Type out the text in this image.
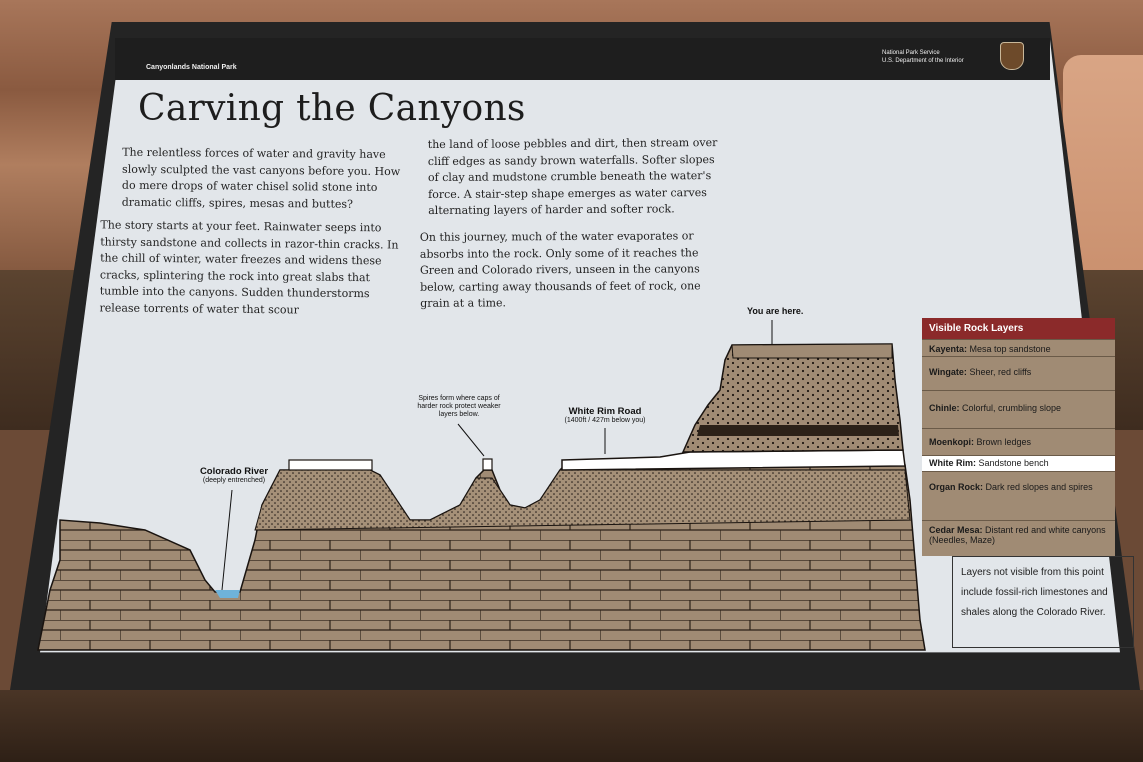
Canyonlands National Park
National Park Service
U.S. Department of the Interior
Carving the Canyons
The relentless forces of water and gravity have slowly sculpted the vast canyons before you. How do mere drops of water chisel solid stone into dramatic cliffs, spires, mesas and buttes?
The story starts at your feet. Rainwater seeps into thirsty sandstone and collects in razor-thin cracks. In the chill of winter, water freezes and widens these cracks, splintering the rock into great slabs that tumble into the canyons. Sudden thunderstorms release torrents of water that scour
the land of loose pebbles and dirt, then stream over cliff edges as sandy brown waterfalls. Softer slopes of clay and mudstone crumble beneath the water's force. A stair-step shape emerges as water carves alternating layers of harder and softer rock.
On this journey, much of the water evaporates or absorbs into the rock. Only some of it reaches the Green and Colorado rivers, unseen in the canyons below, carting away thousands of feet of rock, one grain at a time.
You are here.
Spires form where caps of harder rock protect weaker layers below.	White Rim Road
(1400ft / 427m below you)
Colorado River
(deeply entrenched)
Visible Rock Layers
Kayenta: Mesa top sandstone
Wingate: Sheer, red cliffs
Chinle: Colorful, crumbling slope
Moenkopi: Brown ledges
White Rim: Sandstone bench
Organ Rock: Dark red slopes and spires
Cedar Mesa: Distant red and white canyons (Needles, Maze)
Layers not visible from this point include fossil-rich limestones and shales along the Colorado River.
